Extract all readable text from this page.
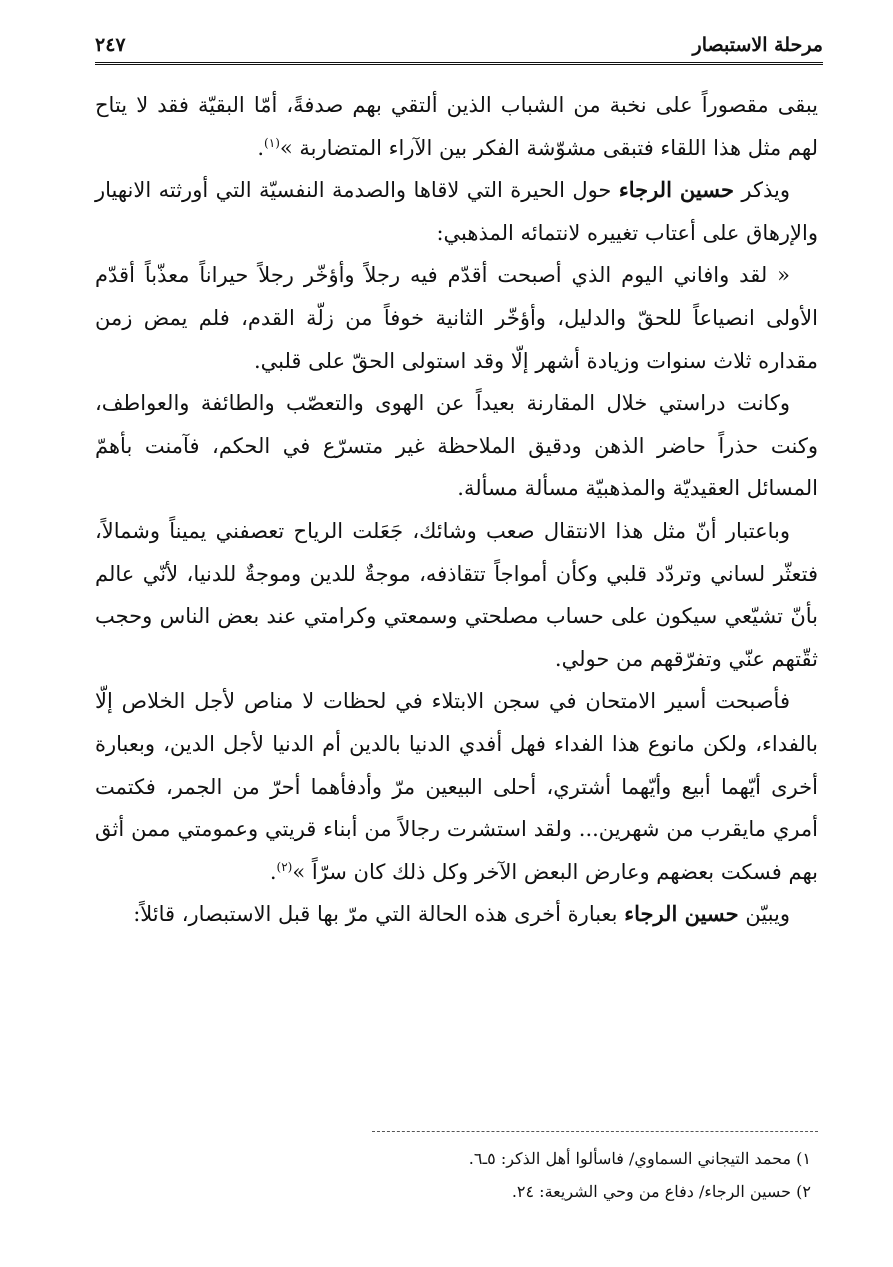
مرحلة الاستبصار
٢٤٧

يبقى مقصوراً على نخبة من الشباب الذين ألتقي بهم صدفةً، أمّا البقيّة فقد لا يتاح لهم مثل هذا اللقاء فتبقى مشوّشة الفكر بين الآراء المتضاربة »$^{(١)}$.

ويذكر حسين الرجاء حول الحيرة التي لاقاها والصدمة النفسيّة التي أورثته الانهيار والإرهاق على أعتاب تغييره لانتمائه المذهبي:

« لقد وافاني اليوم الذي أصبحت أقدّم فيه رجلاً وأؤخّر رجلاً حيراناً معذّباً أقدّم الأولى انصياعاً للحقّ والدليل، وأؤخّر الثانية خوفاً من زلّة القدم، فلم يمض زمن مقداره ثلاث سنوات وزيادة أشهر إلّا وقد استولى الحقّ على قلبي.

وكانت دراستي خلال المقارنة بعيداً عن الهوى والتعصّب والطائفة والعواطف، وكنت حذراً حاضر الذهن ودقيق الملاحظة غير متسرّع في الحكم، فآمنت بأهمّ المسائل العقيديّة والمذهبيّة مسألة مسألة.

وباعتبار أنّ مثل هذا الانتقال صعب وشائك، جَعَلت الرياح تعصفني يميناً وشمالاً، فتعثّر لساني وتردّد قلبي وكأن أمواجاً تتقاذفه، موجةٌ للدين وموجةٌ للدنيا، لأنّي عالم بأنّ تشيّعي سيكون على حساب مصلحتي وسمعتي وكرامتي عند بعض الناس وحجب ثقّتهم عنّي وتفرّقهم من حولي.

فأصبحت أسير الامتحان في سجن الابتلاء في لحظات لا مناص لأجل الخلاص إلّا بالفداء، ولكن مانوع هذا الفداء فهل أفدي الدنيا بالدين أم الدنيا لأجل الدين، وبعبارة أخرى أيّهما أبيع وأيّهما أشتري، أحلى البيعين مرّ وأدفأهما أحرّ من الجمر، فكتمت أمري مايقرب من شهرين... ولقد استشرت رجالاً من أبناء قريتي وعمومتي ممن أثق بهم فسكت بعضهم وعارض البعض الآخر وكل ذلك كان سرّاً »$^{(٢)}$.

ويبيّن حسين الرجاء بعبارة أخرى هذه الحالة التي مرّ بها قبل الاستبصار، قائلاً:

١) محمد التيجاني السماوي/ فاسألوا أهل الذكر: ٥ـ٦.

٢) حسين الرجاء/ دفاع من وحي الشريعة: ٢٤.
